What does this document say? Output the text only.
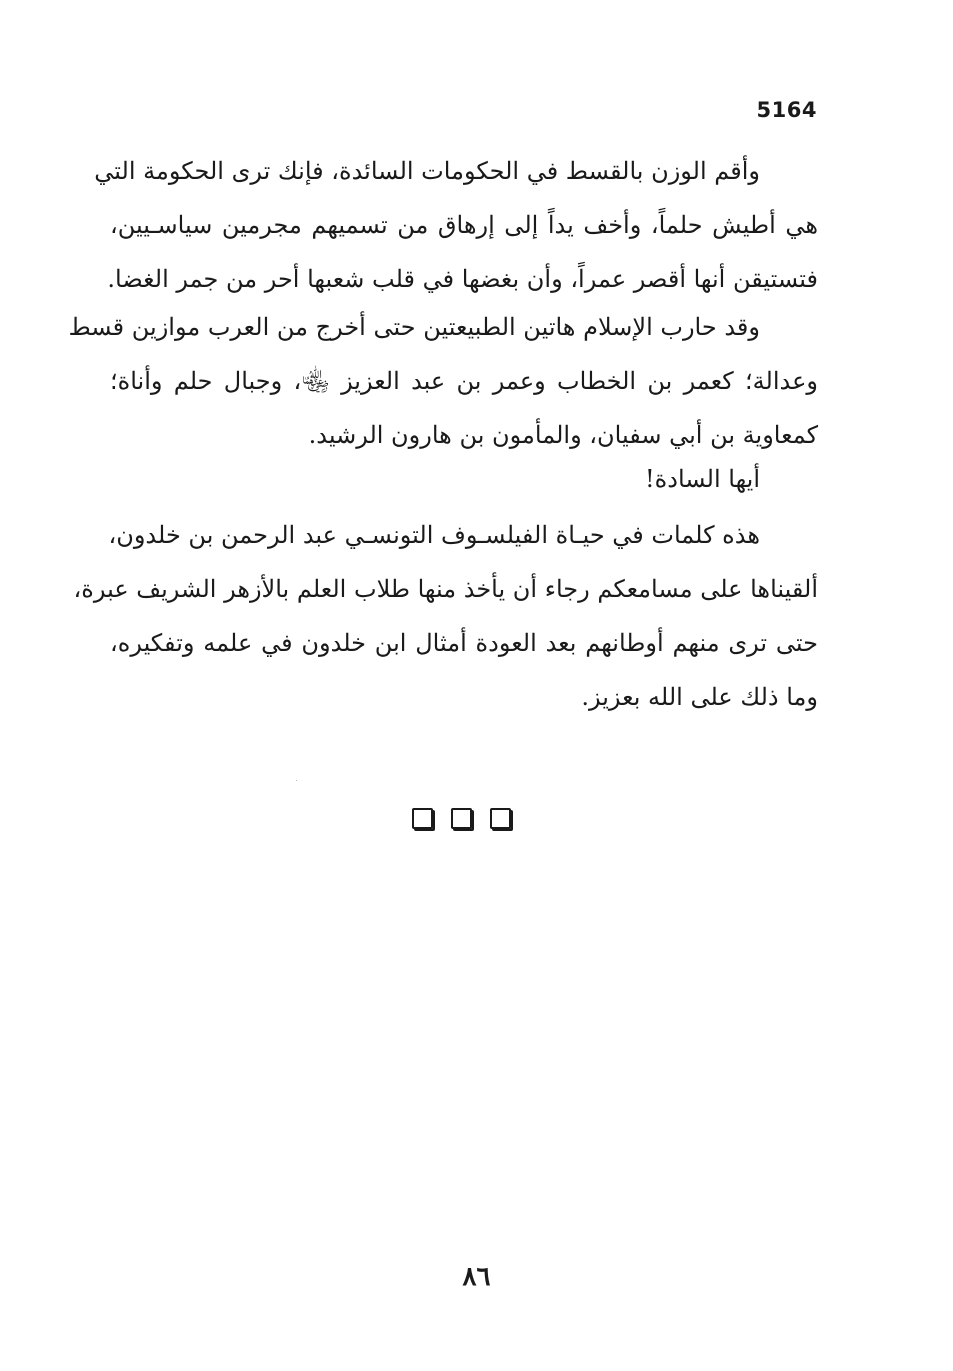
5164
وأقم الوزن بالقسط في الحكومات السائدة، فإنك ترى الحكومة التي
هي أطيش حلماً، وأخف يداً إلى إرهاق من تسميهم مجرمين سياسـيين،
فتستيقن أنها أقصر عمراً، وأن بغضها في قلب شعبها أحر من جمر الغضا.
وقد حارب الإسلام هاتين الطبيعتين حتى أخرج من العرب موازين قسط
وعدالة؛ كعمر بن الخطاب وعمر بن عبد العزيز ﵄، وجبال حلم وأناة؛
كمعاوية بن أبي سفيان، والمأمون بن هارون الرشيد.
أيها السادة!
هذه كلمات في حيـاة الفيلسـوف التونسـي عبد الرحمن بن خلدون،
ألقيناها على مسامعكم رجاء أن يأخذ منها طلاب العلم بالأزهر الشريف عبرة،
حتى ترى منهم أوطانهم بعد العودة أمثال ابن خلدون في علمه وتفكيره،
وما ذلك على الله بعزيز.
٨٦
